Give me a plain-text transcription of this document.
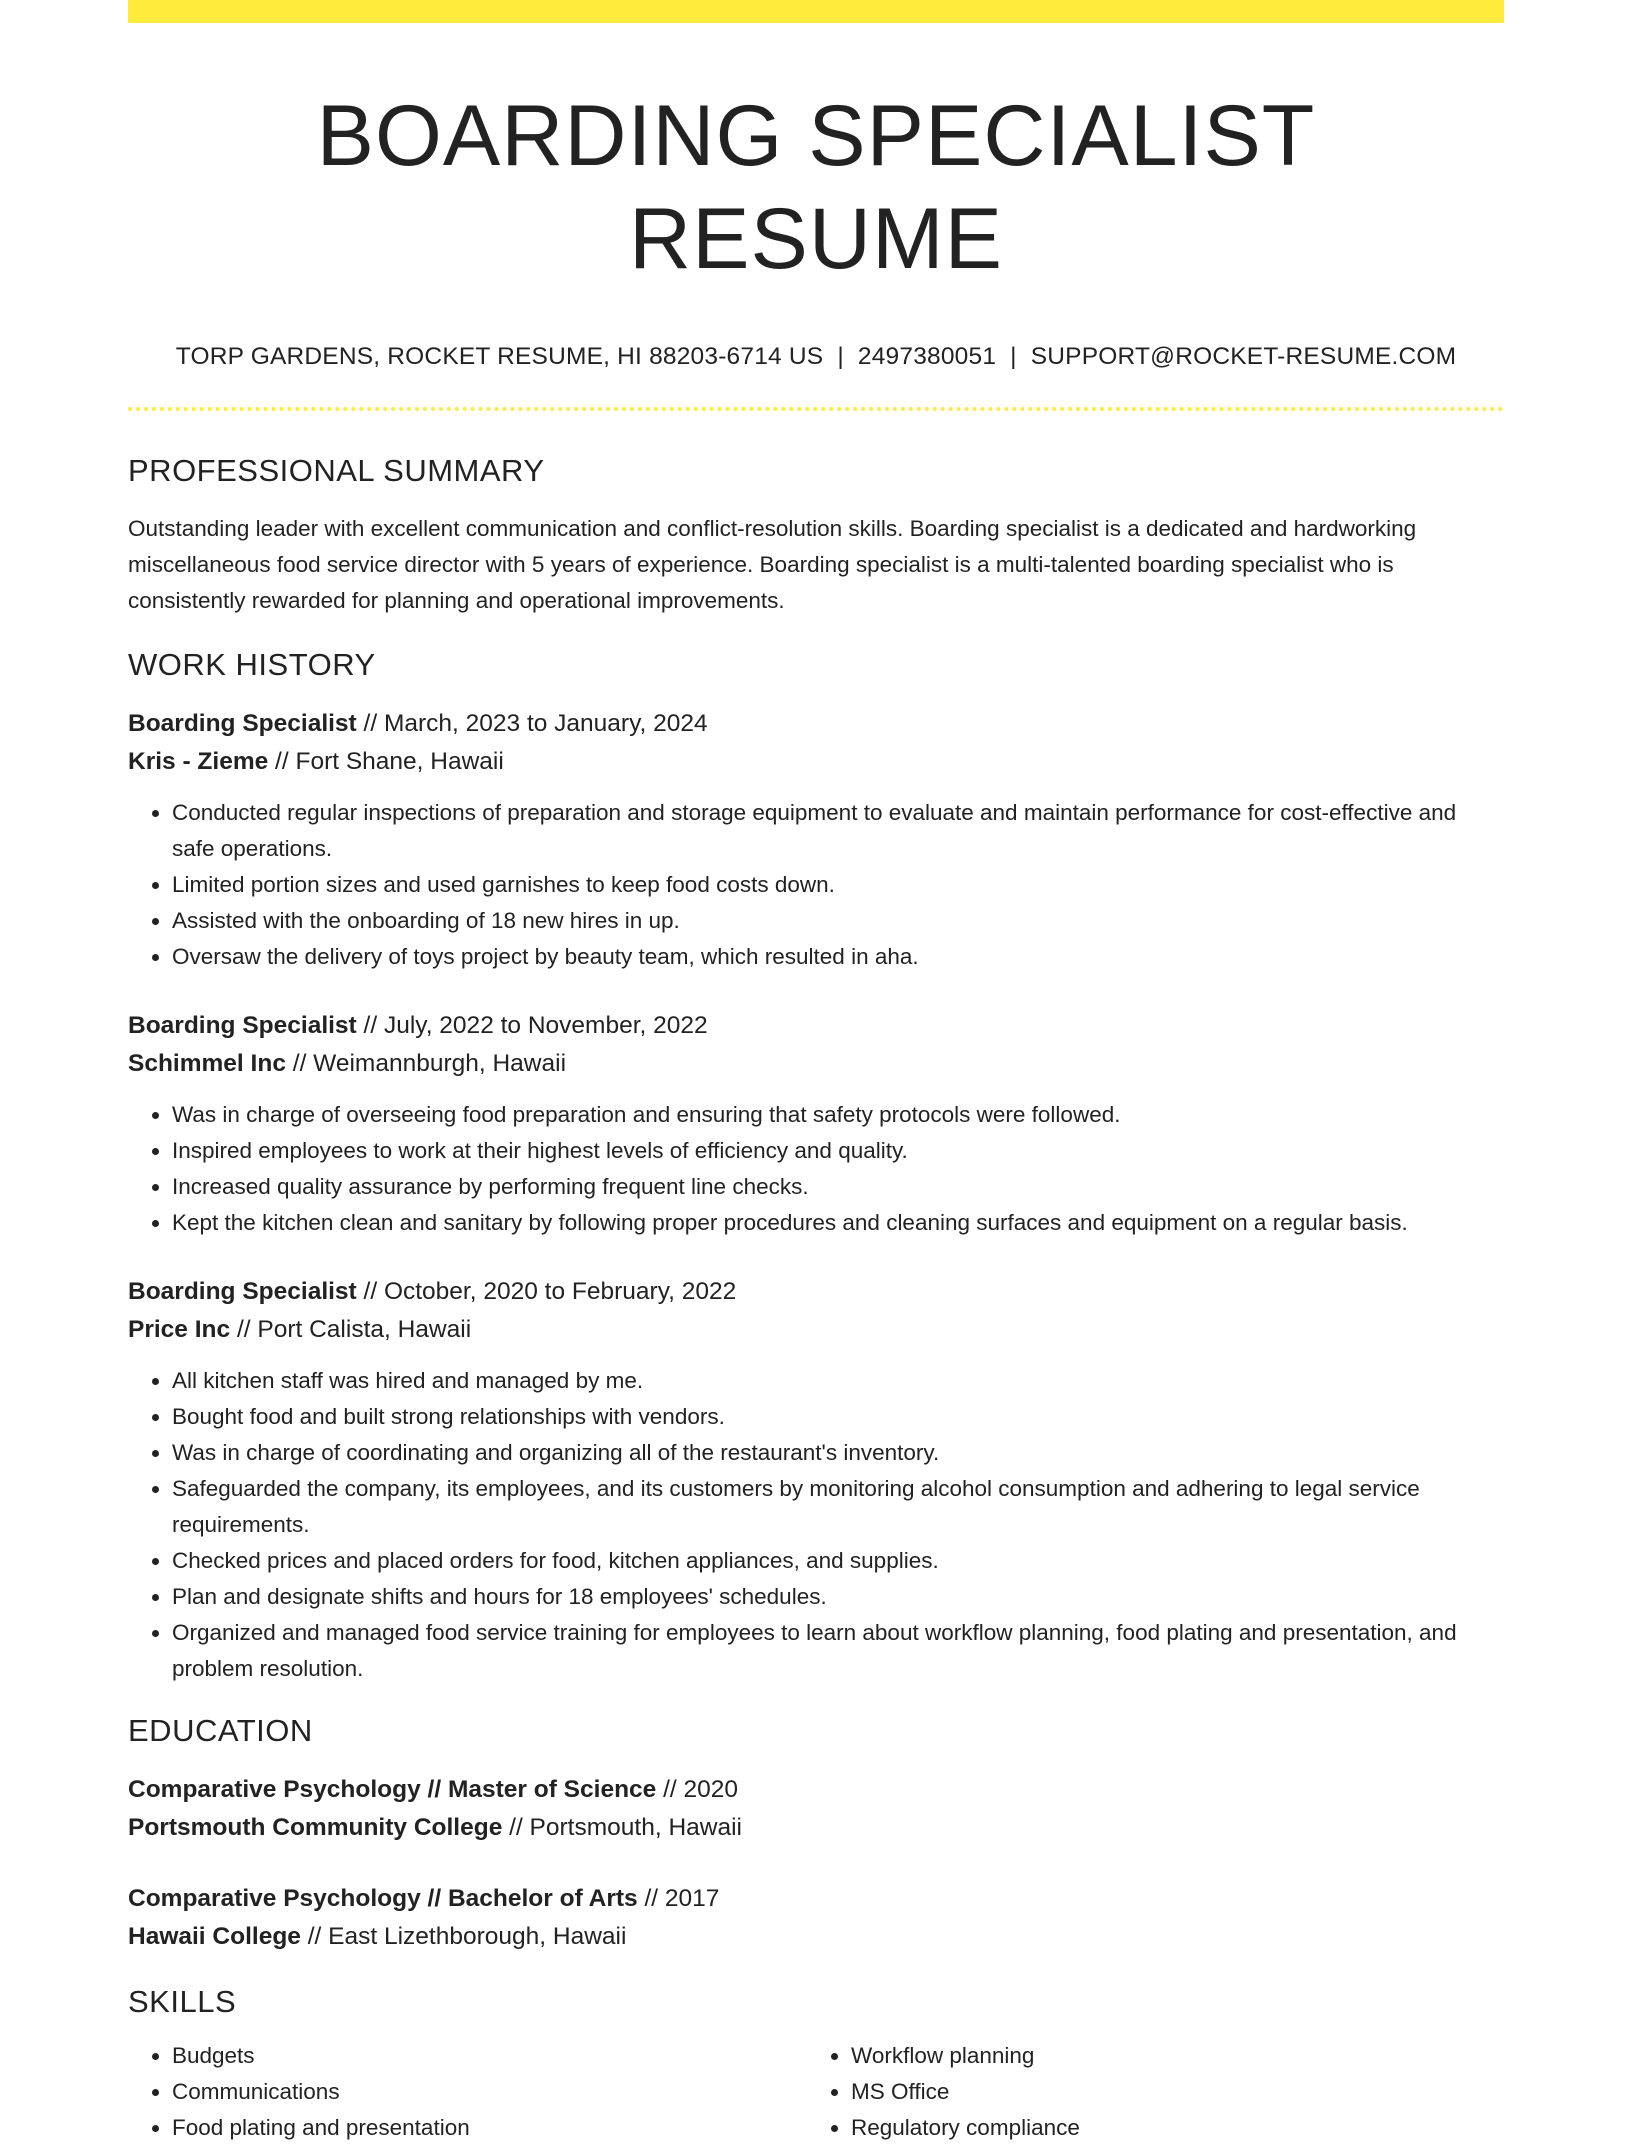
BOARDING SPECIALIST RESUME
TORP GARDENS, ROCKET RESUME, HI 88203-6714 US | 2497380051 | SUPPORT@ROCKET-RESUME.COM
PROFESSIONAL SUMMARY
Outstanding leader with excellent communication and conflict-resolution skills. Boarding specialist is a dedicated and hardworking miscellaneous food service director with 5 years of experience. Boarding specialist is a multi-talented boarding specialist who is consistently rewarded for planning and operational improvements.
WORK HISTORY
Boarding Specialist // March, 2023 to January, 2024
Kris - Zieme // Fort Shane, Hawaii
• Conducted regular inspections of preparation and storage equipment to evaluate and maintain performance for cost-effective and safe operations.
• Limited portion sizes and used garnishes to keep food costs down.
• Assisted with the onboarding of 18 new hires in up.
• Oversaw the delivery of toys project by beauty team, which resulted in aha.
Boarding Specialist // July, 2022 to November, 2022
Schimmel Inc // Weimannburgh, Hawaii
• Was in charge of overseeing food preparation and ensuring that safety protocols were followed.
• Inspired employees to work at their highest levels of efficiency and quality.
• Increased quality assurance by performing frequent line checks.
• Kept the kitchen clean and sanitary by following proper procedures and cleaning surfaces and equipment on a regular basis.
Boarding Specialist // October, 2020 to February, 2022
Price Inc // Port Calista, Hawaii
• All kitchen staff was hired and managed by me.
• Bought food and built strong relationships with vendors.
• Was in charge of coordinating and organizing all of the restaurant's inventory.
• Safeguarded the company, its employees, and its customers by monitoring alcohol consumption and adhering to legal service requirements.
• Checked prices and placed orders for food, kitchen appliances, and supplies.
• Plan and designate shifts and hours for 18 employees' schedules.
• Organized and managed food service training for employees to learn about workflow planning, food plating and presentation, and problem resolution.
EDUCATION
Comparative Psychology // Master of Science // 2020
Portsmouth Community College // Portsmouth, Hawaii
Comparative Psychology // Bachelor of Arts // 2017
Hawaii College // East Lizethborough, Hawaii
SKILLS
• Budgets
• Communications
• Food plating and presentation
• Workflow planning
• MS Office
• Regulatory compliance
